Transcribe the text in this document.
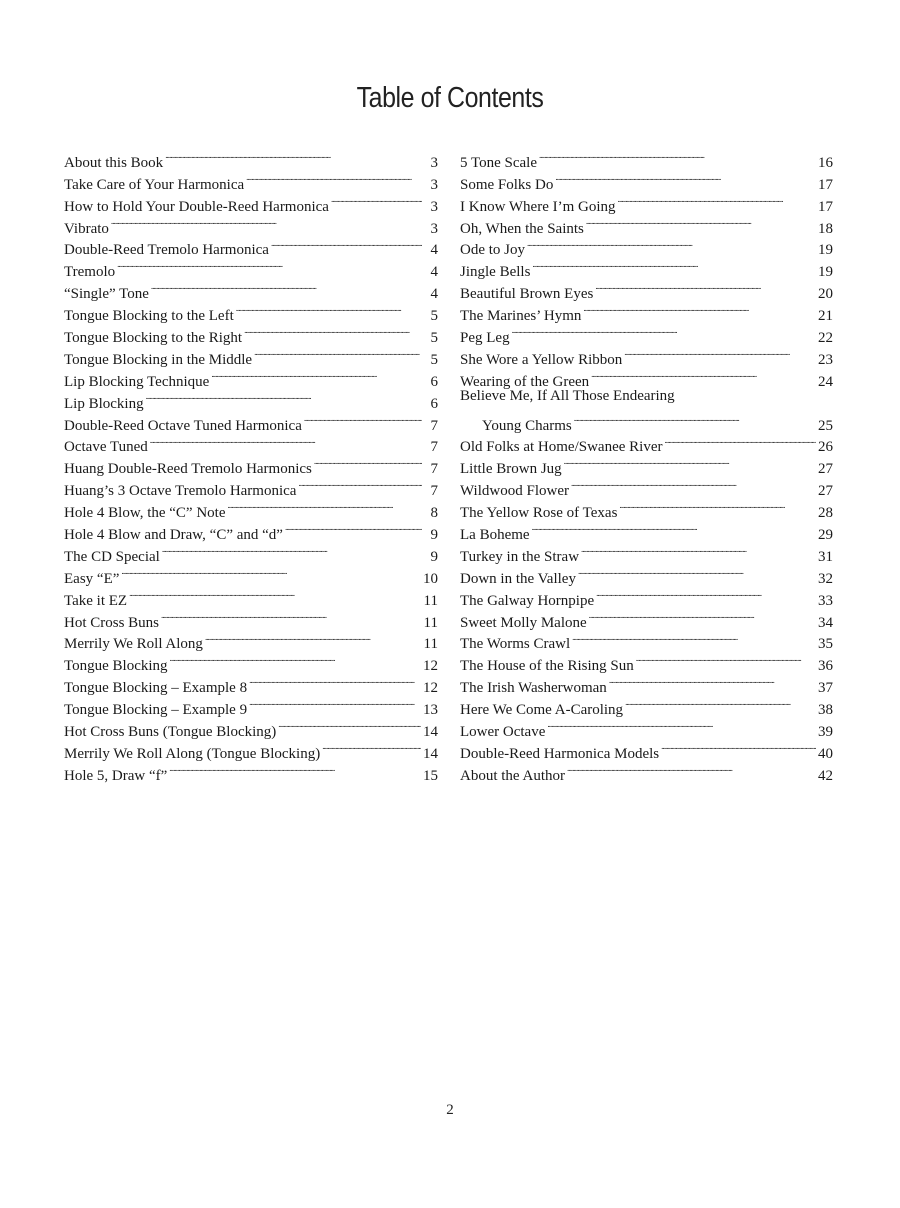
Table of Contents
About this Book . . .	3
Take Care of Your Harmonica . . .	3
How to Hold Your Double-Reed Harmonica . . .	3
Vibrato . . .	3
Double-Reed Tremolo Harmonica . . .	4
Tremolo . . .	4
“Single” Tone . . .	4
Tongue Blocking to the Left . . .	5
Tongue Blocking to the Right . . .	5
Tongue Blocking in the Middle . . .	5
Lip Blocking Technique . . .	6
Lip Blocking . . .	6
Double-Reed Octave Tuned Harmonica . . .	7
Octave Tuned . . .	7
Huang Double-Reed Tremolo Harmonics . . .	7
Huang’s 3 Octave Tremolo Harmonica . . .	7
Hole 4 Blow, the “C” Note . . .	8
Hole 4 Blow and Draw, “C” and “d” . . .	9
The CD Special . . .	9
Easy “E” . . .	10
Take it EZ . . .	11
Hot Cross Buns . . .	11
Merrily We Roll Along . . .	11
Tongue Blocking . . .	12
Tongue Blocking – Example 8 . . .	12
Tongue Blocking – Example 9 . . .	13
Hot Cross Buns (Tongue Blocking) . . .	14
Merrily We Roll Along (Tongue Blocking) . . .	14
Hole 5, Draw “f” . . .	15
5 Tone Scale . . .	16
Some Folks Do . . .	17
I Know Where I’m Going . . .	17
Oh, When the Saints . . .	18
Ode to Joy . . .	19
Jingle Bells . . .	19
Beautiful Brown Eyes . . .	20
The Marines’ Hymn . . .	21
Peg Leg . . .	22
She Wore a Yellow Ribbon . . .	23
Wearing of the Green . . .	24
Believe Me, If All Those Endearing
Young Charms . . .	25
Old Folks at Home/Swanee River . . .	26
Little Brown Jug . . .	27
Wildwood Flower . . .	27
The Yellow Rose of Texas . . .	28
La Boheme . . .	29
Turkey in the Straw . . .	31
Down in the Valley . . .	32
The Galway Hornpipe . . .	33
Sweet Molly Malone . . .	34
The Worms Crawl . . .	35
The House of the Rising Sun . . .	36
The Irish Washerwoman . . .	37
Here We Come A-Caroling . . .	38
Lower Octave . . .	39
Double-Reed Harmonica Models . . .	40
About the Author . . .	42
2
